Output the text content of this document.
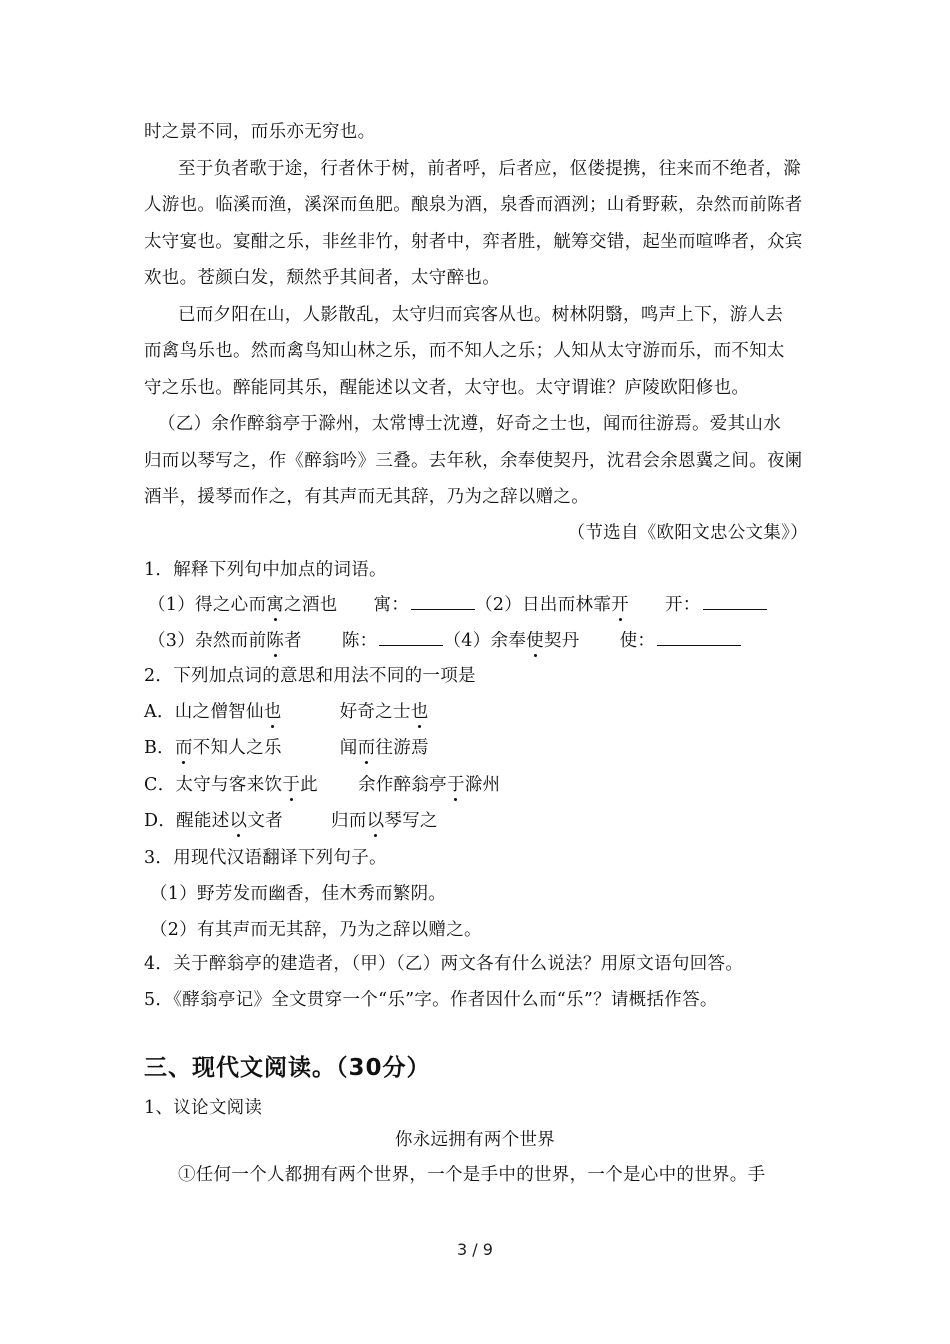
时之景不同，而乐亦无穷也。
至于负者歌于途，行者休于树，前者呼，后者应，伛偻提携，往来而不绝者，滁
人游也。临溪而渔，溪深而鱼肥。酿泉为酒，泉香而酒洌；山肴野蔌，杂然而前陈者
太守宴也。宴酣之乐，非丝非竹，射者中，弈者胜，觥筹交错，起坐而喧哗者，众宾
欢也。苍颜白发，颓然乎其间者，太守醉也。
已而夕阳在山，人影散乱，太守归而宾客从也。树林阴翳，鸣声上下，游人去
而禽鸟乐也。然而禽鸟知山林之乐，而不知人之乐；人知从太守游而乐，而不知太
守之乐也。醉能同其乐，醒能述以文者，太守也。太守谓谁？庐陵欧阳修也。
（乙）余作醉翁亭于滁州，太常博士沈遵，好奇之士也，闻而往游焉。爱其山水
归而以琴写之，作《醉翁吟》三叠。去年秋，余奉使契丹，沈君会余恩冀之间。夜阑
酒半，援琴而作之，有其声而无其辞，乃为之辞以赠之。
（节选自《欧阳文忠公文集》）
1．解释下列句中加点的词语。
（1）得之心而寓之酒也 寓：	（2）日出而林霏开 开：
（3）杂然而前陈者 陈：	（4）余奉使契丹 使：
2．下列加点词的意思和用法不同的一项是
A．山之僧智仙也	好奇之士也
B．而不知人之乐	闻而往游焉
C．太守与客来饮于此 余作醉翁亭于滁州
D．醒能述以文者	归而以琴写之
3．用现代汉语翻译下列句子。
（1）野芳发而幽香，佳木秀而繁阴。
（2）有其声而无其辞，乃为之辞以赠之。
4．关于醉翁亭的建造者，（甲）（乙）两文各有什么说法？用原文语句回答。
5．《酵翁亭记》全文贯穿一个“乐”字。作者因什么而“乐”？请概括作答。
三、现代文阅读。（30分）
1、议论文阅读
你永远拥有两个世界
①任何一个人都拥有两个世界，一个是手中的世界，一个是心中的世界。手
3 / 9
